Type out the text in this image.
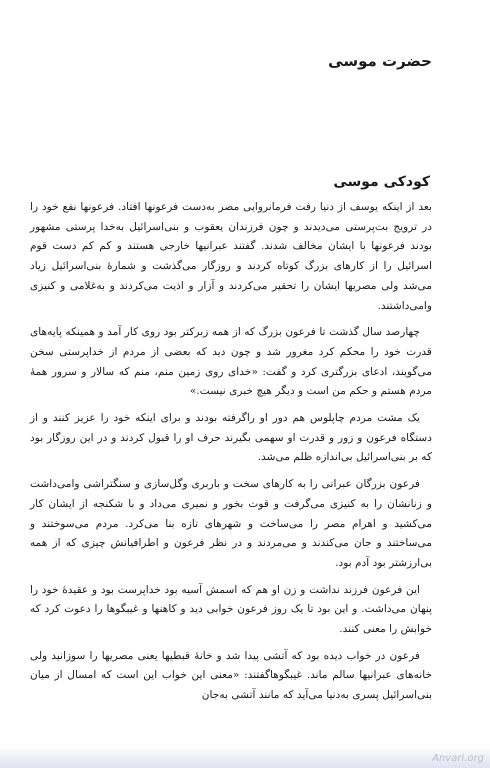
حضرت موسی
کودکی موسی

بعد از اینکه یوسف از دنیا رفت فرمانروایی مصر به‌دست فرعونها افتاد. فرعونها نفع خود را در ترویج بت‌پرستی می‌دیدند و چون فرزندان یعقوب و بنی‌اسرائیل به‌خدا پرستی مشهور بودند فرعونها با ایشان مخالف شدند. گفتند عبرانیها خارجی هستند و کم کم دست قوم اسرائیل را از کارهای بزرگ کوتاه کردند و روزگار می‌گذشت و شمارهٔ بنی‌اسرائیل زیاد می‌شد ولی مصریها ایشان را تحقیر می‌کردند و آزار و اذیت می‌کردند و به‌غلامی و کنیزی وامی‌داشتند.

چهارصد سال گذشت تا فرعون بزرگ که از همه زبرکتر بود روی کار آمد و همینکه پایه‌های قدرت خود را محکم کرد مغرور شد و چون دید که بعضی از مردم از خداپرستی سخن می‌گویند، ادعای بزرگتری کرد و گفت: «خدای روی زمین منم، منم که سالار و سرور همهٔ مردم هستم و حکم من است و دیگر هیچ خبری نیست.»

یک مشت مردم چاپلوس هم دور او راگرفته بودند و برای اینکه خود را عزیز کنند و از دستگاه فرعون و زور و قدرت او سهمی بگیرند حرف او را قبول کردند و در این روزگار بود که بر بنی‌اسرائیل بی‌اندازه ظلم می‌شد.

فرعون بزرگان عبرانی را به کارهای سخت و باربری وگل‌سازی و سنگتراشی وامی‌داشت و زنانشان را به کنیزی می‌گرفت و قوت بخور و نمیری می‌داد و با شکنجه از ایشان کار می‌کشید و اهرام مصر را می‌ساخت و شهرهای تازه بنا می‌کرد. مردم می‌سوختند و می‌ساختند و جان می‌کندند و می‌مردند و در نظر فرعون و اطرافیانش چیزی که از همه بی‌ارزشتر بود آدم بود.

این فرعون فرزند نداشت و زن او هم که اسمش آسیه بود خداپرست بود و عقیدهٔ خود را پنهان می‌داشت. و این بود تا یک روز فرعون خوابی دید و کاهنها و غیبگوها را دعوت کرد که خوابش را معنی کنند.

فرعون در خواب دیده بود که آتشی پیدا شد و خانهٔ قبطیها یعنی مصریها را سوزانید ولی خانه‌های عبرانیها سالم ماند. غیبگوهاگفتند: «معنی این خواب این است که امسال از میان بنی‌اسرائیل پسری به‌دنیا می‌آید که مانند آتشی به‌جان

Anvari.org
